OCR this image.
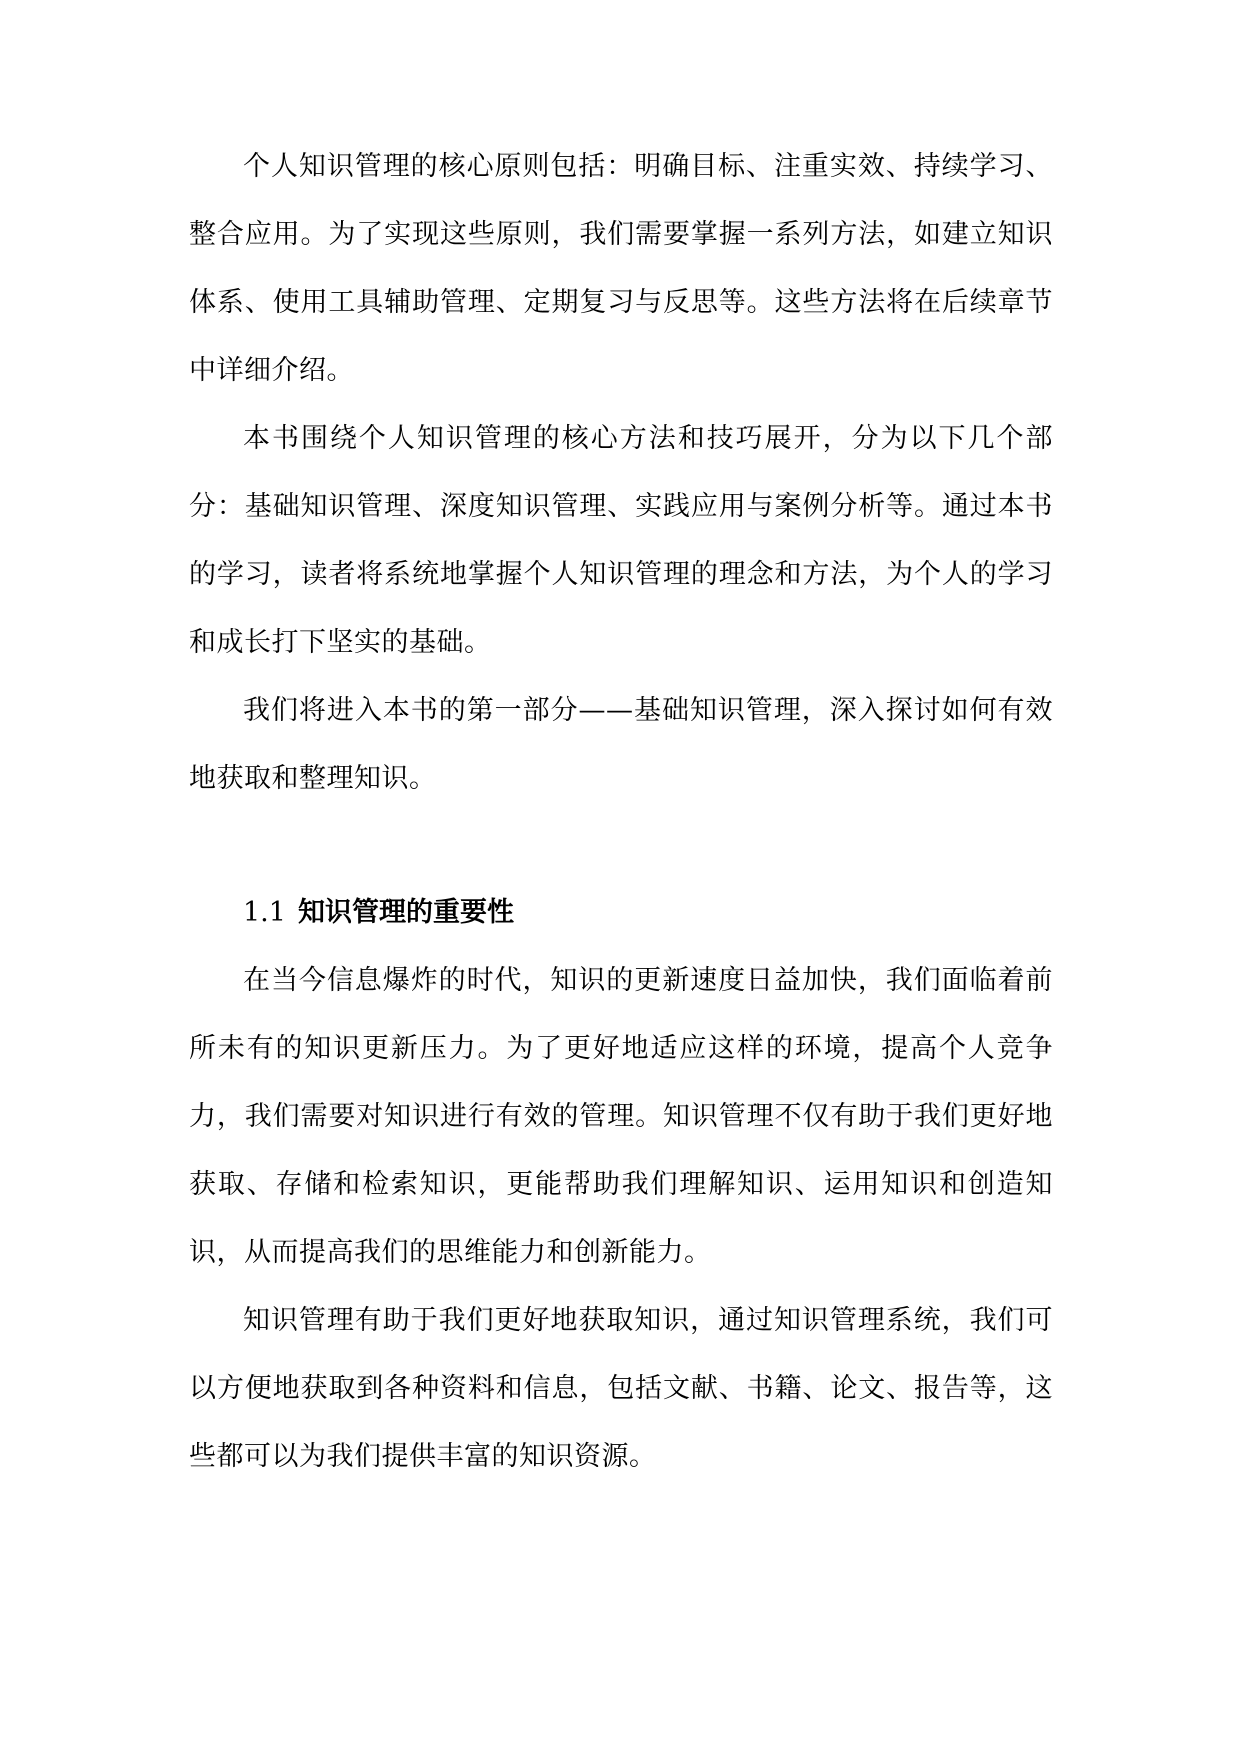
个人知识管理的核心原则包括：明确目标、注重实效、持续学习、整合应用。为了实现这些原则，我们需要掌握一系列方法，如建立知识体系、使用工具辅助管理、定期复习与反思等。这些方法将在后续章节中详细介绍。

本书围绕个人知识管理的核心方法和技巧展开，分为以下几个部分：基础知识管理、深度知识管理、实践应用与案例分析等。通过本书的学习，读者将系统地掌握个人知识管理的理念和方法，为个人的学习和成长打下坚实的基础。

我们将进入本书的第一部分——基础知识管理，深入探讨如何有效地获取和整理知识。

1.1 知识管理的重要性

在当今信息爆炸的时代，知识的更新速度日益加快，我们面临着前所未有的知识更新压力。为了更好地适应这样的环境，提高个人竞争力，我们需要对知识进行有效的管理。知识管理不仅有助于我们更好地获取、存储和检索知识，更能帮助我们理解知识、运用知识和创造知识，从而提高我们的思维能力和创新能力。

知识管理有助于我们更好地获取知识，通过知识管理系统，我们可以方便地获取到各种资料和信息，包括文献、书籍、论文、报告等，这些都可以为我们提供丰富的知识资源。
